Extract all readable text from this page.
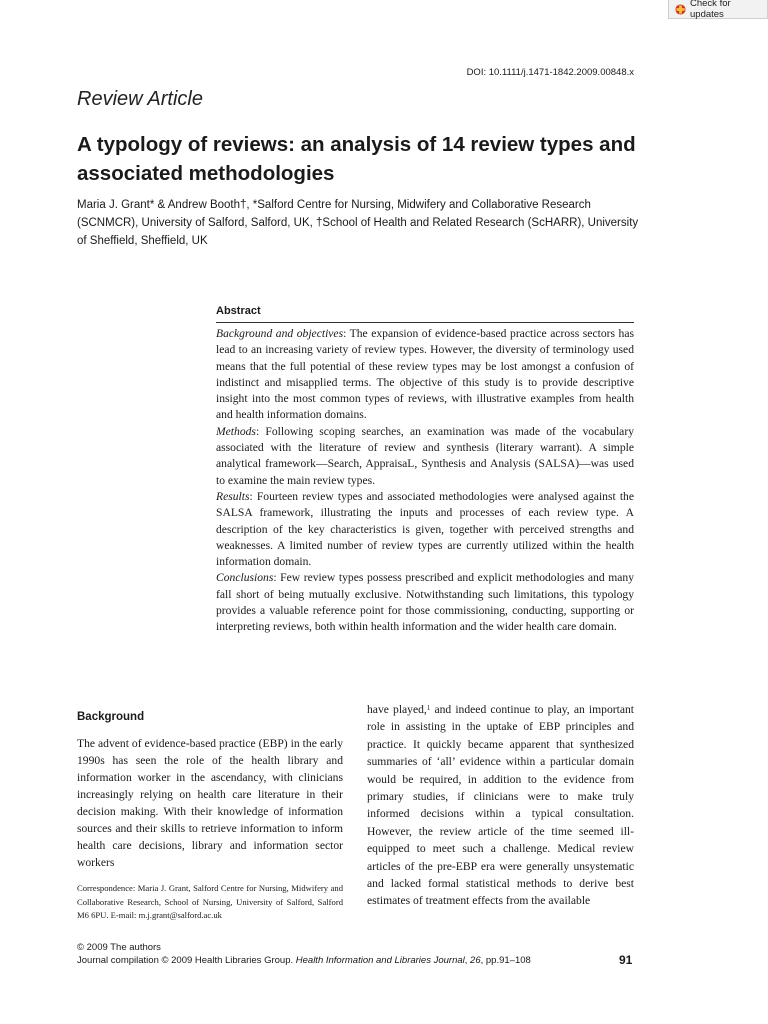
Check for updates
DOI: 10.1111/j.1471-1842.2009.00848.x
Review Article
A typology of reviews: an analysis of 14 review types and associated methodologies
Maria J. Grant* & Andrew Booth†, *Salford Centre for Nursing, Midwifery and Collaborative Research (SCNMCR), University of Salford, Salford, UK, †School of Health and Related Research (ScHARR), University of Sheffield, Sheffield, UK
Abstract

Background and objectives: The expansion of evidence-based practice across sectors has lead to an increasing variety of review types. However, the diversity of terminology used means that the full potential of these review types may be lost amongst a confusion of indistinct and misapplied terms. The objective of this study is to provide descriptive insight into the most common types of reviews, with illustrative examples from health and health information domains.

Methods: Following scoping searches, an examination was made of the vocabulary associated with the literature of review and synthesis (literary warrant). A simple analytical framework—Search, AppraisaL, Synthesis and Analysis (SALSA)—was used to examine the main review types.

Results: Fourteen review types and associated methodologies were analysed against the SALSA framework, illustrating the inputs and processes of each review type. A description of the key characteristics is given, together with perceived strengths and weaknesses. A limited number of review types are currently utilized within the health information domain.

Conclusions: Few review types possess prescribed and explicit methodologies and many fall short of being mutually exclusive. Notwithstanding such limitations, this typology provides a valuable reference point for those commissioning, conducting, supporting or interpreting reviews, both within health information and the wider health care domain.

Background
The advent of evidence-based practice (EBP) in the early 1990s has seen the role of the health library and information worker in the ascendancy, with clinicians increasingly relying on health care literature in their decision making. With their knowledge of information sources and their skills to retrieve information to inform health care decisions, library and information sector workers
Correspondence: Maria J. Grant, Salford Centre for Nursing, Midwifery and Collaborative Research, School of Nursing, University of Salford, Salford M6 6PU. E-mail: m.j.grant@salford.ac.uk
have played,$^1$ and indeed continue to play, an important role in assisting in the uptake of EBP principles and practice. It quickly became apparent that synthesized summaries of ‘all’ evidence within a particular domain would be required, in addition to the evidence from primary studies, if clinicians were to make truly informed decisions within a typical consultation. However, the review article of the time seemed ill-equipped to meet such a challenge. Medical review articles of the pre-EBP era were generally unsystematic and lacked formal statistical methods to derive best estimates of treatment effects from the available
© 2009 The authors
Journal compilation © 2009 Health Libraries Group. Health Information and Libraries Journal, 26, pp.91–108	91
